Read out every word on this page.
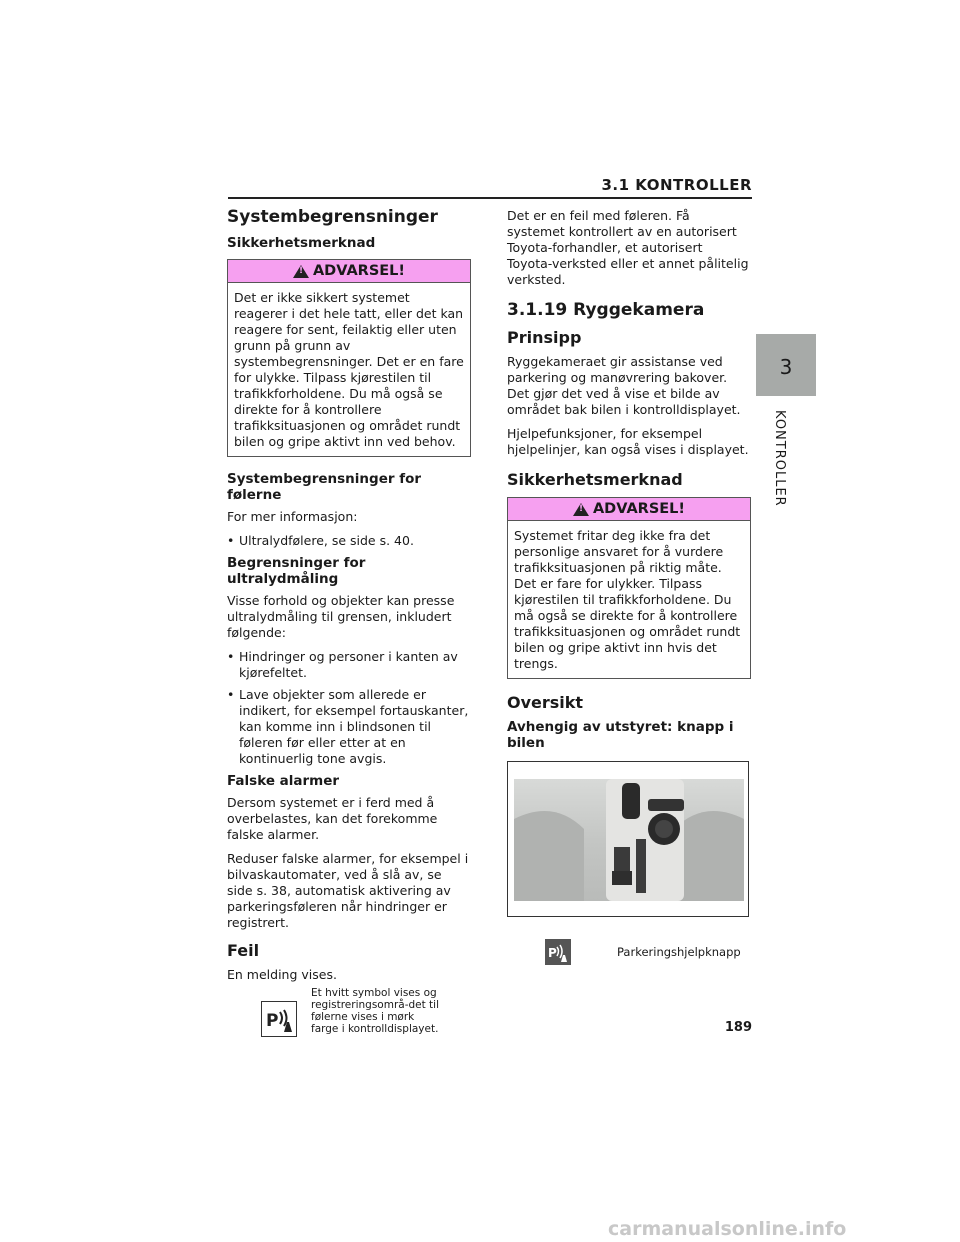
3.1 KONTROLLER
3
KONTROLLER
Systembegrensninger
Sikkerhetsmerknad
!
ADVARSEL!
Det er ikke sikkert systemet reagerer i det hele tatt, eller det kan reagere for sent, feilaktig eller uten grunn på grunn av systembegrensninger. Det er en fare for ulykke. Tilpass kjørestilen til trafikkforholdene. Du må også se direkte for å kontrollere trafikksituasjonen og området rundt bilen og gripe aktivt inn ved behov.
Systembegrensninger for følerne
For mer informasjon:
• Ultralydfølere, se side s. 40.
Begrensninger for ultralydmåling
Visse forhold og objekter kan presse ultralydmåling til grensen, inkludert følgende:
• Hindringer og personer i kanten av kjørefeltet.
• Lave objekter som allerede er indikert, for eksempel fortauskanter, kan komme inn i blindsonen til føleren før eller etter at en kontinuerlig tone avgis.
Falske alarmer
Dersom systemet er i ferd med å overbelastes, kan det forekomme falske alarmer.
Reduser falske alarmer, for eksempel i bilvaskautomater, ved å slå av, se side s. 38, automatisk aktivering av parkeringsføleren når hindringer er registrert.
Feil
En melding vises.
P
Et hvitt symbol vises og registreringsområ-det til følerne vises i mørk farge i kontrolldisplayet.
Det er en feil med føleren. Få systemet kontrollert av en autorisert Toyota-forhandler, et autorisert Toyota-verksted eller et annet pålitelig verksted.
3.1.19 Ryggekamera
Prinsipp
Ryggekameraet gir assistanse ved parkering og manøvrering bakover. Det gjør det ved å vise et bilde av området bak bilen i kontrolldisplayet.
Hjelpefunksjoner, for eksempel hjelpelinjer, kan også vises i displayet.
Sikkerhetsmerknad
!
ADVARSEL!
Systemet fritar deg ikke fra det personlige ansvaret for å vurdere trafikksituasjonen på riktig måte. Det er fare for ulykker. Tilpass kjørestilen til trafikkforholdene. Du må også se direkte for å kontrollere trafikksituasjonen og området rundt bilen og gripe aktivt inn hvis det trengs.
Oversikt
Avhengig av utstyret: knapp i bilen
P	Parkeringshjelpknapp
189
carmanualsonline.info
